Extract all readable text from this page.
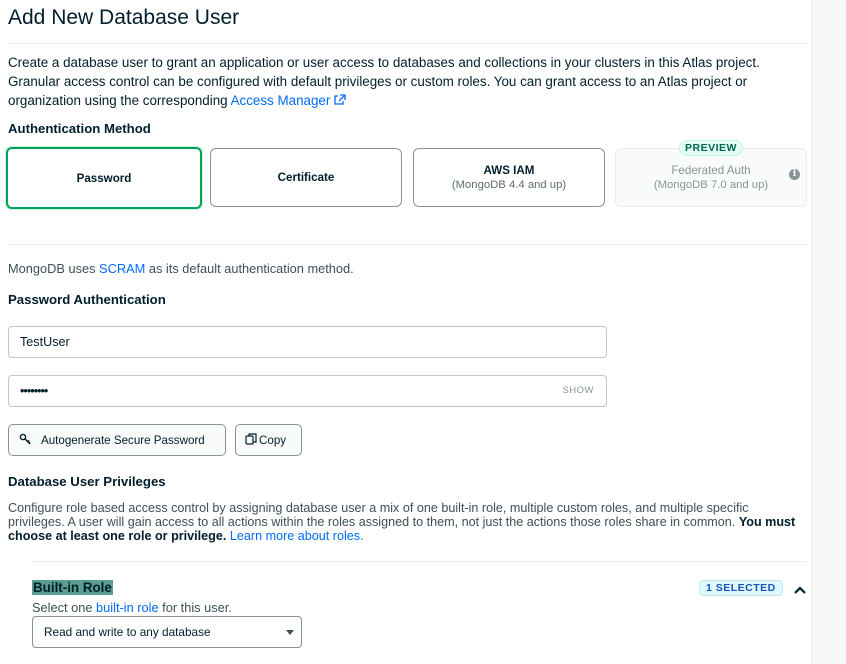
Add New Database User
Create a database user to grant an application or user access to databases and collections in your clusters in this Atlas project. Granular access control can be configured with default privileges or custom roles. You can grant access to an Atlas project or organization using the corresponding Access Manager
Authentication Method
Password	Certificate
AWS IAM
(MongoDB 4.4 and up)
Federated Auth
(MongoDB 7.0 and up)
PREVIEW
i
MongoDB uses SCRAM as its default authentication method.
Password Authentication
TestUser
••••••••	SHOW
Autogenerate Secure Password	Copy
Database User Privileges
Configure role based access control by assigning database user a mix of one built-in role, multiple custom roles, and multiple specific privileges. A user will gain access to all actions within the roles assigned to them, not just the actions those roles share in common. You must choose at least one role or privilege. Learn more about roles.
Built-in Role	1 SELECTED
Select one built-in role for this user.
Read and write to any database
